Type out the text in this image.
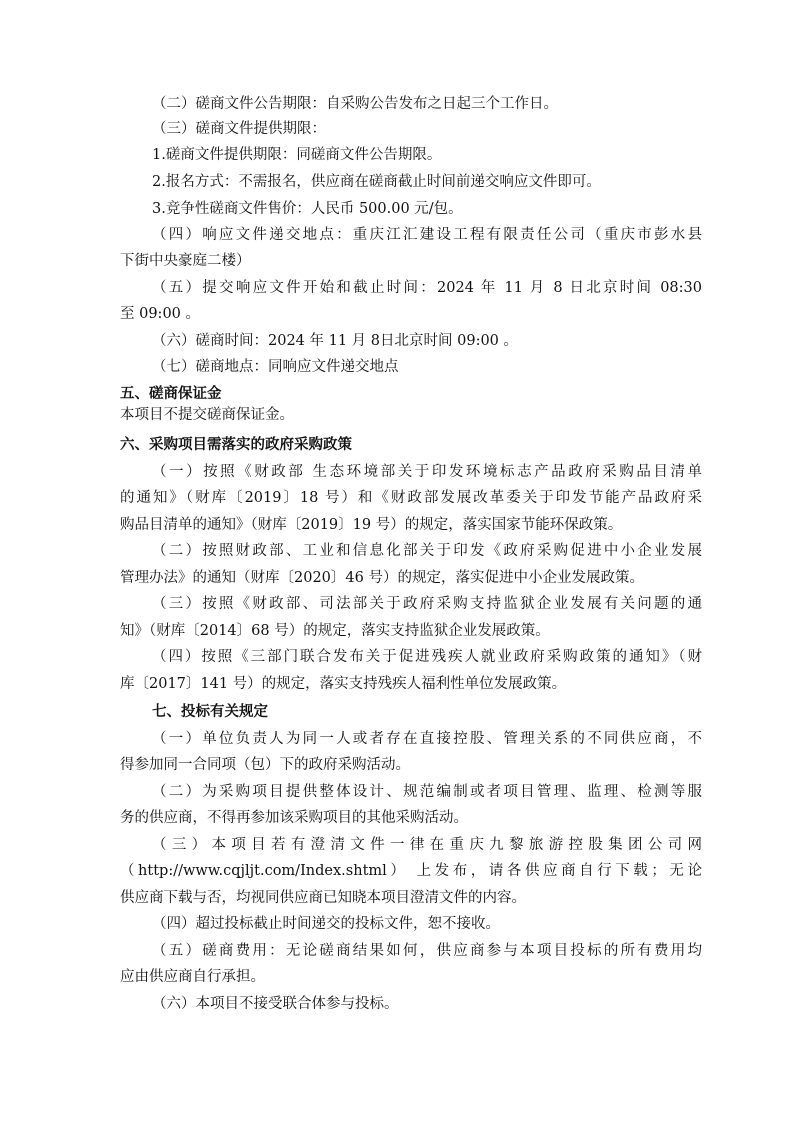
（二）磋商文件公告期限：自采购公告发布之日起三个工作日。
（三）磋商文件提供期限：
1.磋商文件提供期限：同磋商文件公告期限。
2.报名方式：不需报名，供应商在磋商截止时间前递交响应文件即可。
3.竞争性磋商文件售价：人民币 500.00 元/包。
（四）响应文件递交地点：重庆江汇建设工程有限责任公司（重庆市彭水县
下街中央豪庭二楼）
（五）提交响应文件开始和截止时间：2024 年 11 月 8 日北京时间 08:30
至 09:00 。
（六）磋商时间：2024 年 11 月 8日北京时间 09:00 。
（七）磋商地点：同响应文件递交地点
五、磋商保证金
本项目不提交磋商保证金。
六、采购项目需落实的政府采购政策
（一）按照《财政部 生态环境部关于印发环境标志产品政府采购品目清单
的通知》（财库〔2019〕18 号）和《财政部发展改革委关于印发节能产品政府采
购品目清单的通知》（财库〔2019〕19 号）的规定，落实国家节能环保政策。
（二）按照财政部、工业和信息化部关于印发《政府采购促进中小企业发展
管理办法》的通知（财库〔2020〕46 号）的规定，落实促进中小企业发展政策。
（三）按照《财政部、司法部关于政府采购支持监狱企业发展有关问题的通
知》（财库〔2014〕68 号）的规定，落实支持监狱企业发展政策。
（四）按照《三部门联合发布关于促进残疾人就业政府采购政策的通知》（财
库〔2017〕141 号）的规定，落实支持残疾人福利性单位发展政策。
七、投标有关规定
（一）单位负责人为同一人或者存在直接控股、管理关系的不同供应商，不
得参加同一合同项（包）下的政府采购活动。
（二）为采购项目提供整体设计、规范编制或者项目管理、监理、检测等服
务的供应商，不得再参加该采购项目的其他采购活动。
（三）本项目若有澄清文件一律在重庆九黎旅游控股集团公司网
（http://www.cqjljt.com/Index.shtml） 上发布，请各供应商自行下载；无论
供应商下载与否，均视同供应商已知晓本项目澄清文件的内容。
（四）超过投标截止时间递交的投标文件，恕不接收。
（五）磋商费用：无论磋商结果如何，供应商参与本项目投标的所有费用均
应由供应商自行承担。
（六）本项目不接受联合体参与投标。
